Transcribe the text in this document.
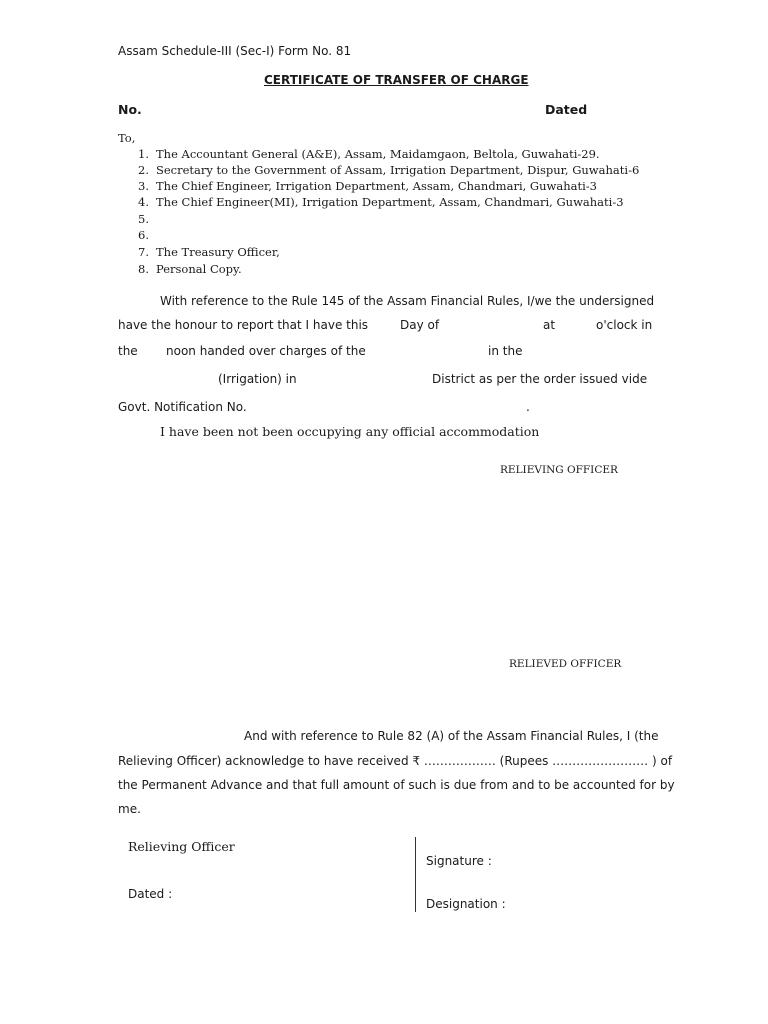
Assam Schedule-III (Sec-I) Form No. 81
CERTIFICATE OF TRANSFER OF CHARGE
No.	Dated
To,
1. The Accountant General (A&E), Assam, Maidamgaon, Beltola, Guwahati-29.
2. Secretary to the Government of Assam, Irrigation Department, Dispur, Guwahati-6
3. The Chief Engineer, Irrigation Department, Assam, Chandmari, Guwahati-3
4. The Chief Engineer(MI), Irrigation Department, Assam, Chandmari, Guwahati-3
5.
6.
7. The Treasury Officer,
8. Personal Copy.
With reference to the Rule 145 of the Assam Financial Rules, I/we the undersigned
have the honour to report that I have this	Day of	at	o'clock in
the noon handed over charges of the	in the
(Irrigation) in	District as per the order issued vide
Govt. Notification No.	.
I have been not been occupying any official accommodation
RELIEVING OFFICER
RELIEVED OFFICER
And with reference to Rule 82 (A) of the Assam Financial Rules, I (the
Relieving Officer) acknowledge to have received ₹ ……………… (Rupees …………………… ) of
the Permanent Advance and that full amount of such is due from and to be accounted for by
me.
Relieving Officer
Dated :
Signature :
Designation :
